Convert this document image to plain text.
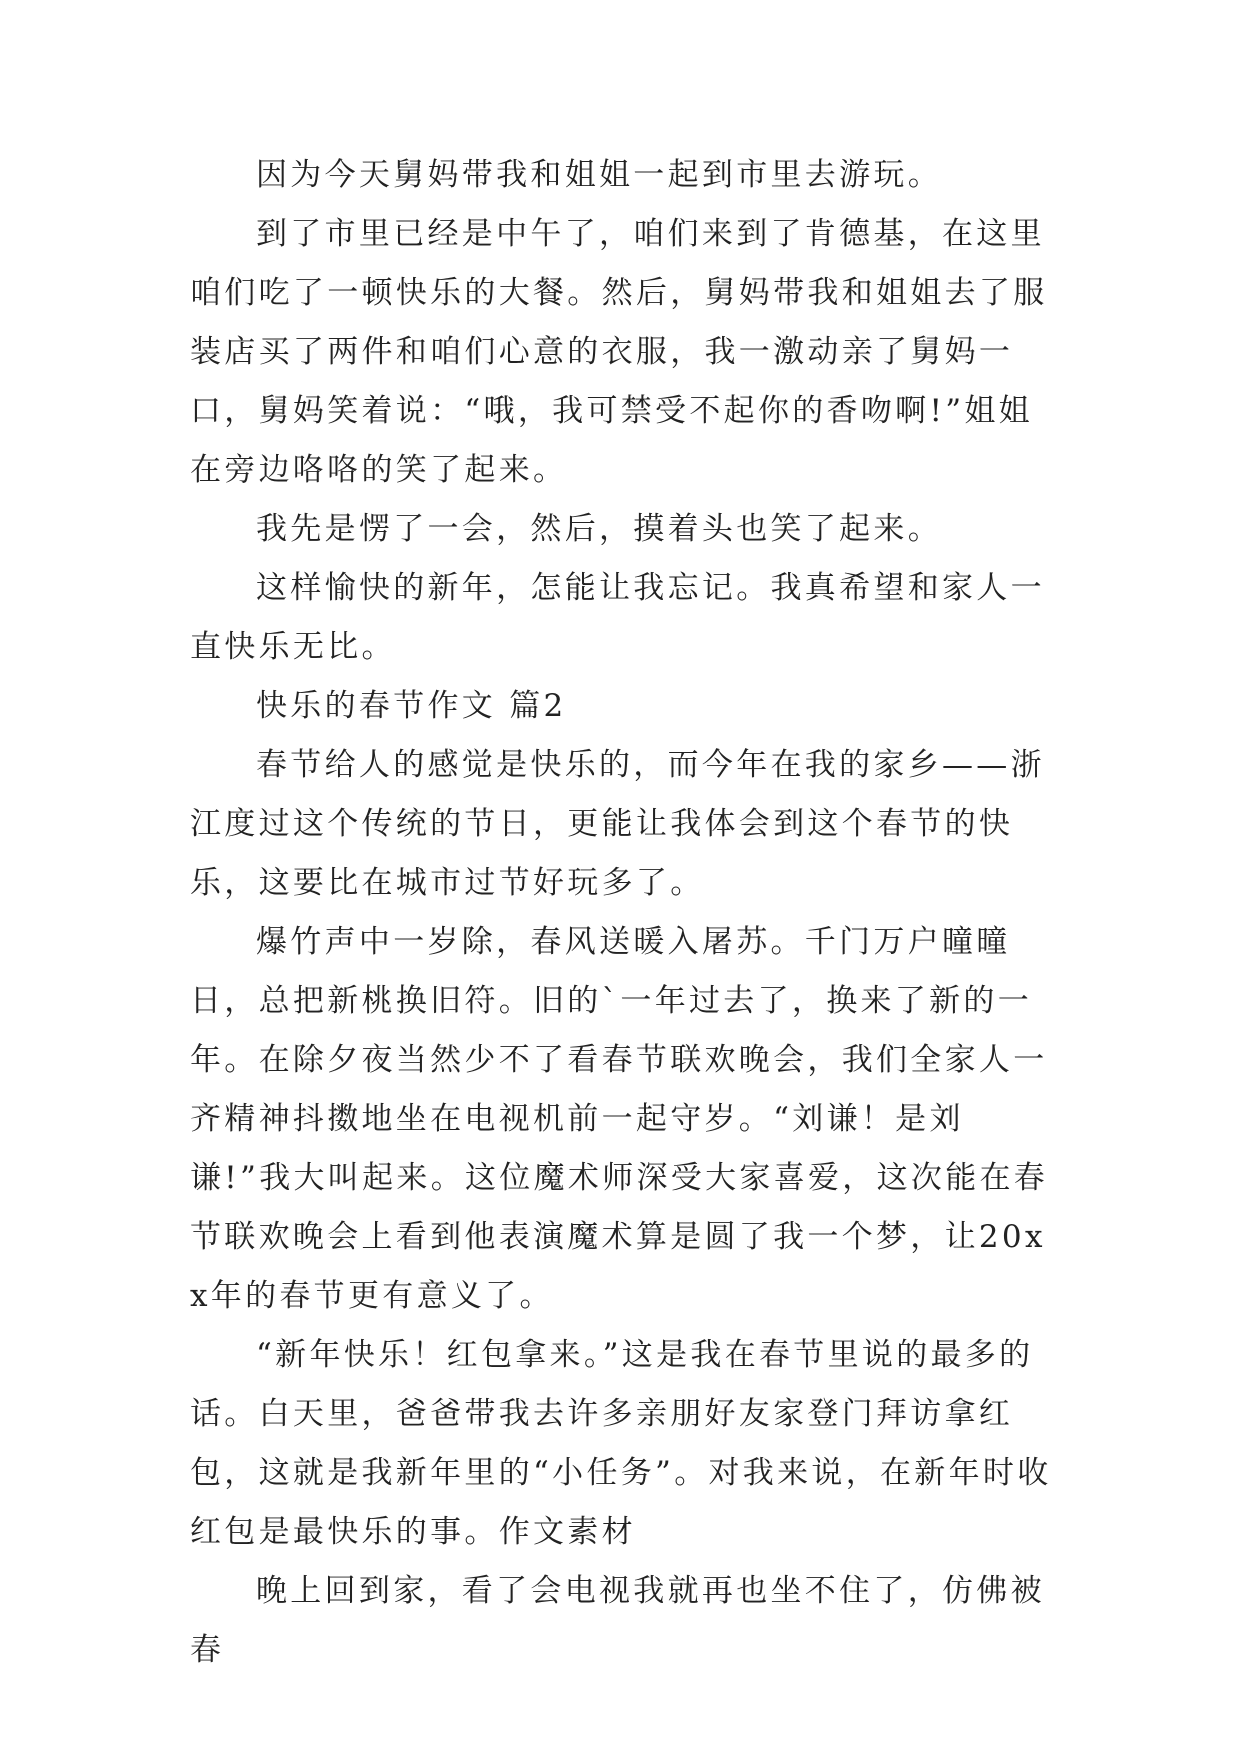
因为今天舅妈带我和姐姐一起到市里去游玩。

到了市里已经是中午了，咱们来到了肯德基，在这里咱们吃了一顿快乐的大餐。然后，舅妈带我和姐姐去了服装店买了两件和咱们心意的衣服，我一激动亲了舅妈一口，舅妈笑着说：“哦，我可禁受不起你的香吻啊!”姐姐在旁边咯咯的笑了起来。

我先是愣了一会，然后，摸着头也笑了起来。

这样愉快的新年，怎能让我忘记。我真希望和家人一直快乐无比。

快乐的春节作文 篇2

春节给人的感觉是快乐的，而今年在我的家乡——浙江度过这个传统的节日，更能让我体会到这个春节的快乐，这要比在城市过节好玩多了。

爆竹声中一岁除，春风送暖入屠苏。千门万户曈曈日，总把新桃换旧符。旧的`一年过去了，换来了新的一年。在除夕夜当然少不了看春节联欢晚会，我们全家人一齐精神抖擞地坐在电视机前一起守岁。“刘谦！是刘谦!”我大叫起来。这位魔术师深受大家喜爱，这次能在春节联欢晚会上看到他表演魔术算是圆了我一个梦，让20xx年的春节更有意义了。

“新年快乐！红包拿来。”这是我在春节里说的最多的话。白天里，爸爸带我去许多亲朋好友家登门拜访拿红包，这就是我新年里的“小任务”。对我来说，在新年时收红包是最快乐的事。作文素材

晚上回到家，看了会电视我就再也坐不住了，仿佛被春
